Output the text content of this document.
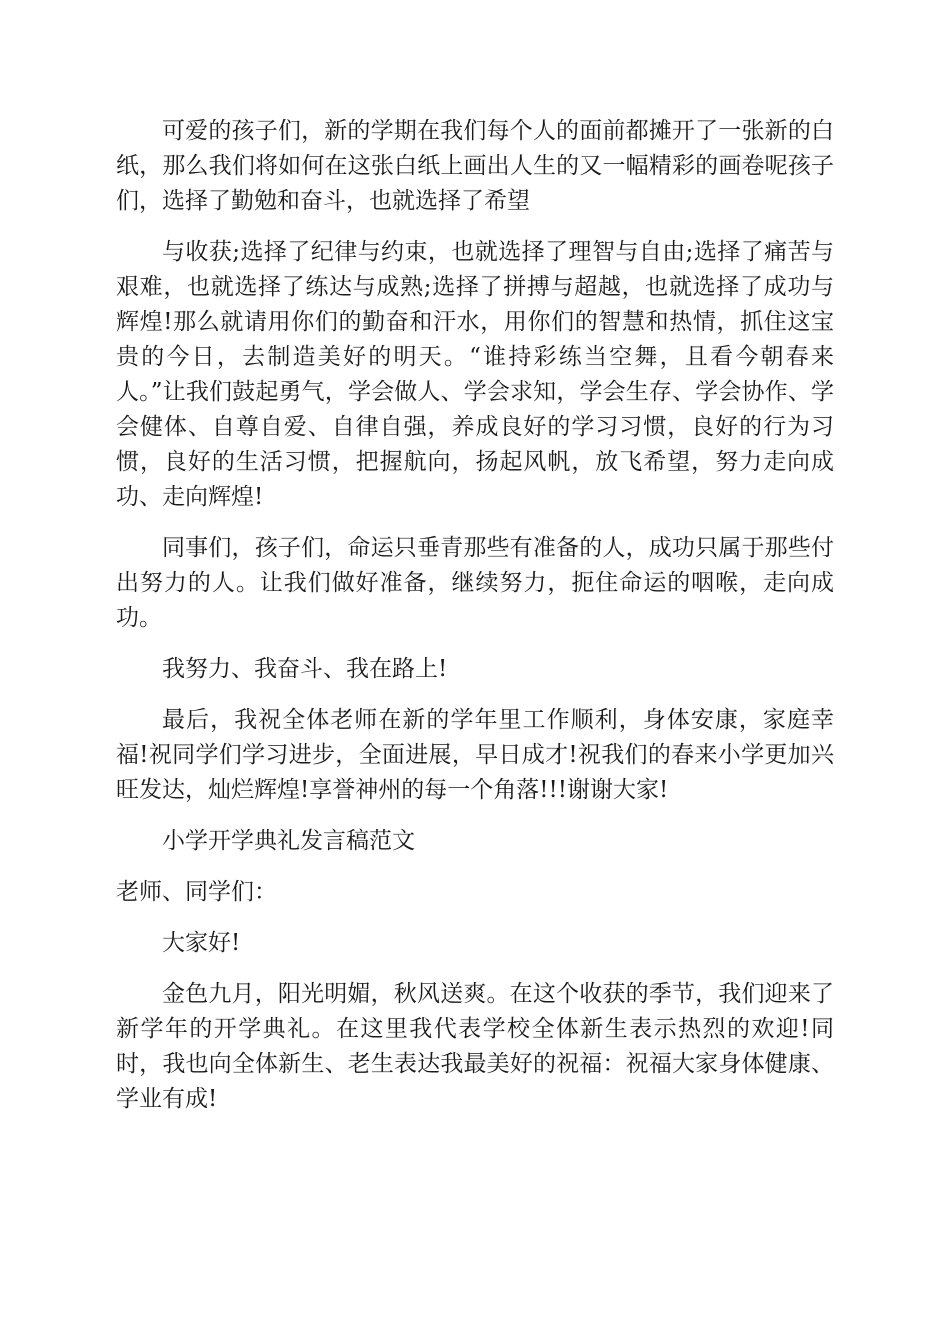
可爱的孩子们，新的学期在我们每个人的面前都摊开了一张新的白纸，那么我们将如何在这张白纸上画出人生的又一幅精彩的画卷呢孩子们，选择了勤勉和奋斗，也就选择了希望

与收获;选择了纪律与约束，也就选择了理智与自由;选择了痛苦与艰难，也就选择了练达与成熟;选择了拼搏与超越，也就选择了成功与辉煌!那么就请用你们的勤奋和汗水，用你们的智慧和热情，抓住这宝贵的今日，去制造美好的明天。“谁持彩练当空舞，且看今朝春来人。”让我们鼓起勇气，学会做人、学会求知，学会生存、学会协作、学会健体、自尊自爱、自律自强，养成良好的学习习惯，良好的行为习惯，良好的生活习惯，把握航向，扬起风帆，放飞希望，努力走向成功、走向辉煌!

同事们，孩子们，命运只垂青那些有准备的人，成功只属于那些付出努力的人。让我们做好准备，继续努力，扼住命运的咽喉，走向成功。

我努力、我奋斗、我在路上!

最后，我祝全体老师在新的学年里工作顺利，身体安康，家庭幸福!祝同学们学习进步，全面进展，早日成才!祝我们的春来小学更加兴旺发达，灿烂辉煌!享誉神州的每一个角落!!!谢谢大家!

小学开学典礼发言稿范文

老师、同学们：

大家好!

金色九月，阳光明媚，秋风送爽。在这个收获的季节，我们迎来了新学年的开学典礼。在这里我代表学校全体新生表示热烈的欢迎!同时，我也向全体新生、老生表达我最美好的祝福：祝福大家身体健康、学业有成!
